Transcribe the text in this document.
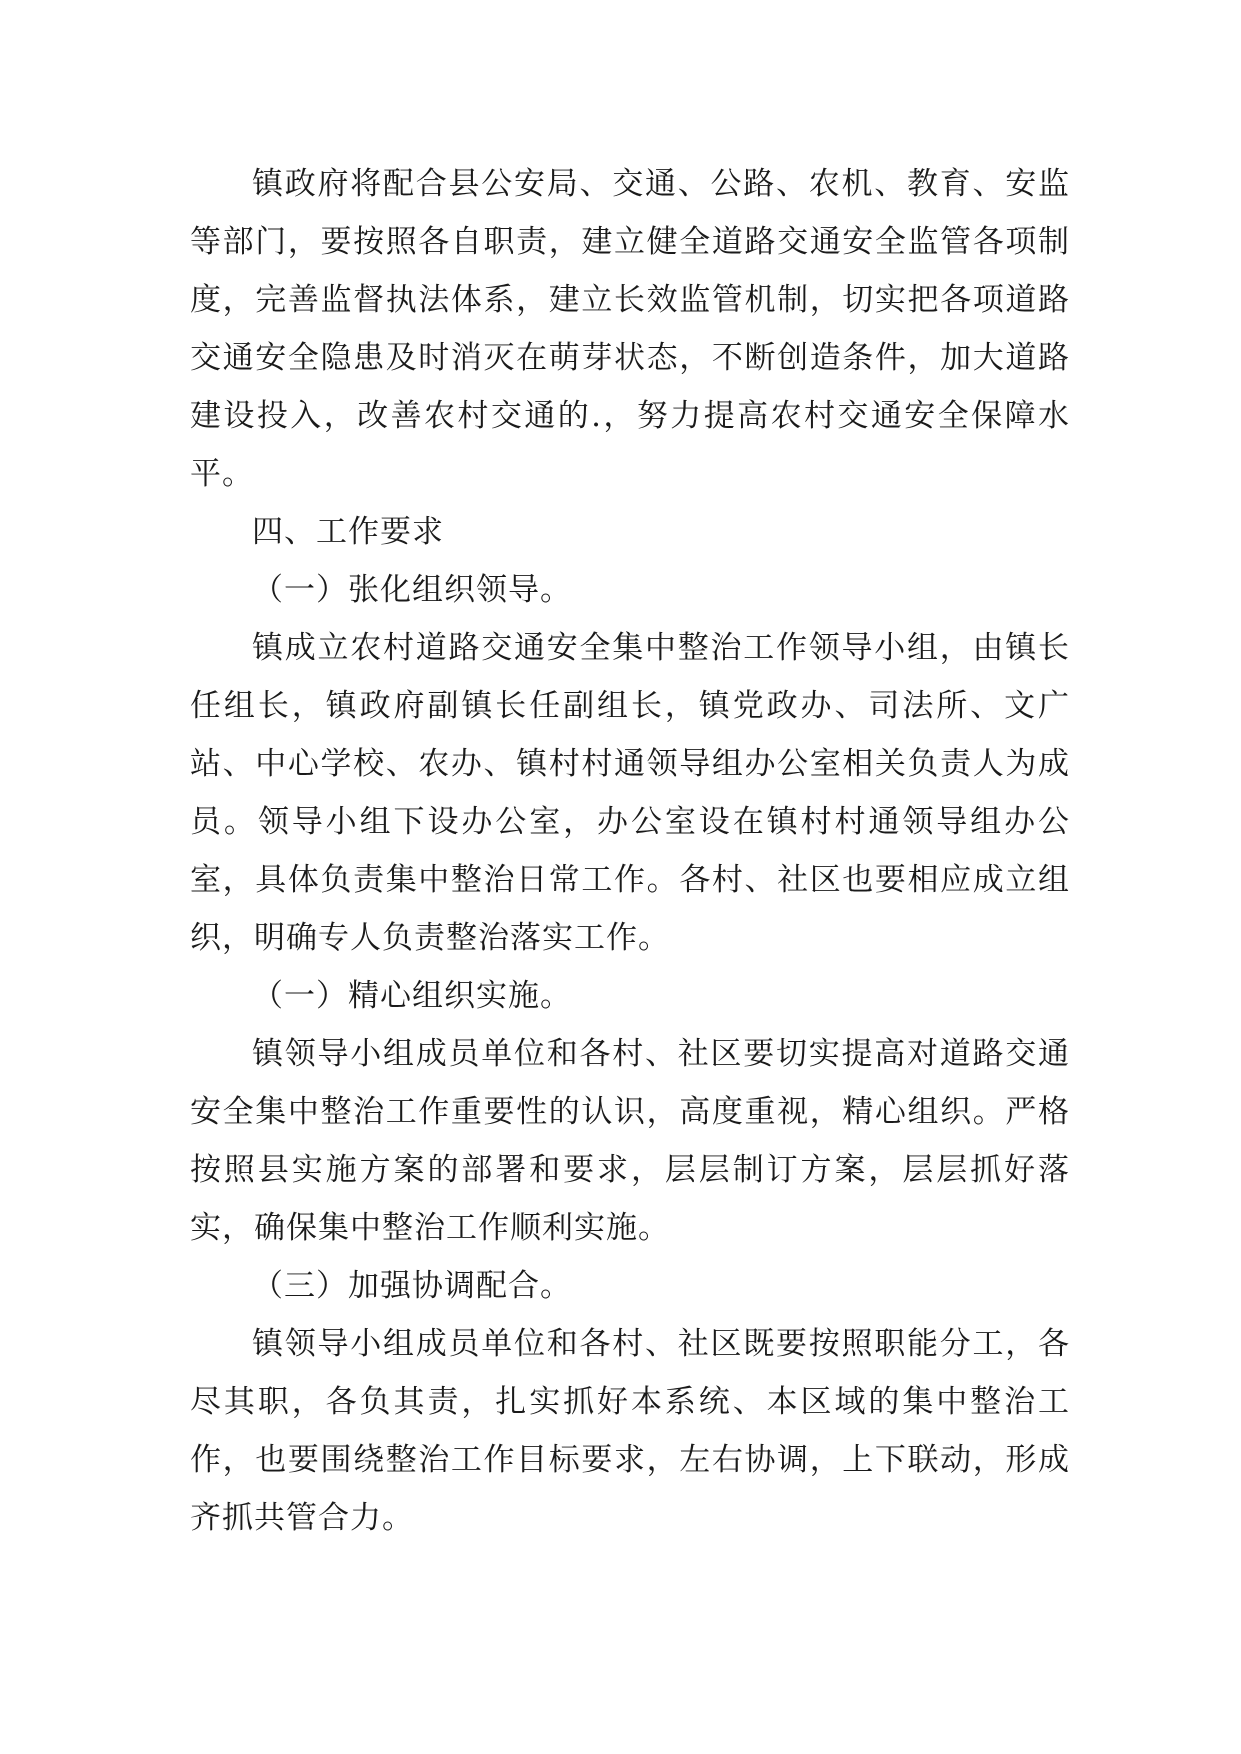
镇政府将配合县公安局、交通、公路、农机、教育、安监等部门，要按照各自职责，建立健全道路交通安全监管各项制度，完善监督执法体系，建立长效监管机制，切实把各项道路交通安全隐患及时消灭在萌芽状态，不断创造条件，加大道路建设投入，改善农村交通的.，努力提高农村交通安全保障水平。

四、工作要求

（一）张化组织领导。

镇成立农村道路交通安全集中整治工作领导小组，由镇长任组长，镇政府副镇长任副组长，镇党政办、司法所、文广站、中心学校、农办、镇村村通领导组办公室相关负责人为成员。领导小组下设办公室，办公室设在镇村村通领导组办公室，具体负责集中整治日常工作。各村、社区也要相应成立组织，明确专人负责整治落实工作。

（一）精心组织实施。

镇领导小组成员单位和各村、社区要切实提高对道路交通安全集中整治工作重要性的认识，高度重视，精心组织。严格按照县实施方案的部署和要求，层层制订方案，层层抓好落实，确保集中整治工作顺利实施。

（三）加强协调配合。

镇领导小组成员单位和各村、社区既要按照职能分工，各尽其职，各负其责，扎实抓好本系统、本区域的集中整治工作，也要围绕整治工作目标要求，左右协调，上下联动，形成齐抓共管合力。
